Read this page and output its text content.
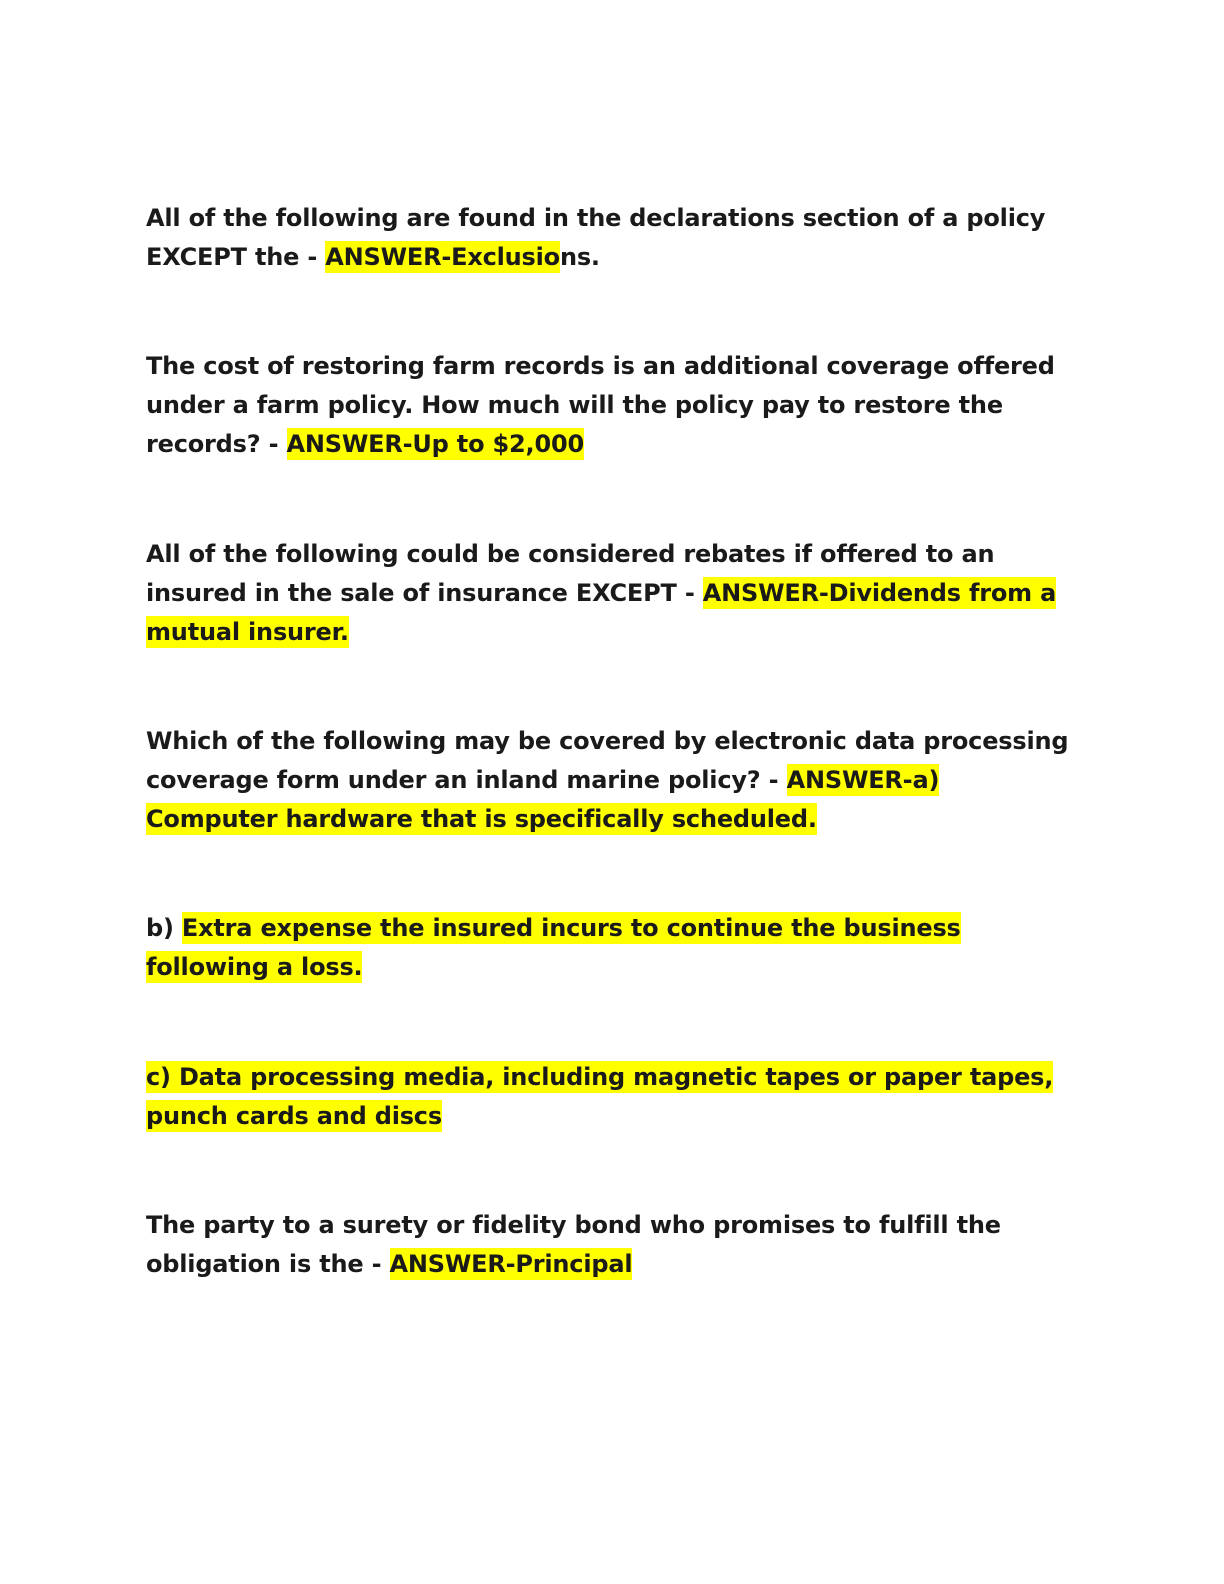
All of the following are found in the declarations section of a policy EXCEPT the - ANSWER-Exclusions.

The cost of restoring farm records is an additional coverage offered under a farm policy. How much will the policy pay to restore the records? - ANSWER-Up to $2,000

All of the following could be considered rebates if offered to an insured in the sale of insurance EXCEPT - ANSWER-Dividends from a mutual insurer.

Which of the following may be covered by electronic data processing coverage form under an inland marine policy? - ANSWER-a) Computer hardware that is specifically scheduled.

b) Extra expense the insured incurs to continue the business following a loss.

c) Data processing media, including magnetic tapes or paper tapes, punch cards and discs

The party to a surety or fidelity bond who promises to fulfill the obligation is the - ANSWER-Principal
